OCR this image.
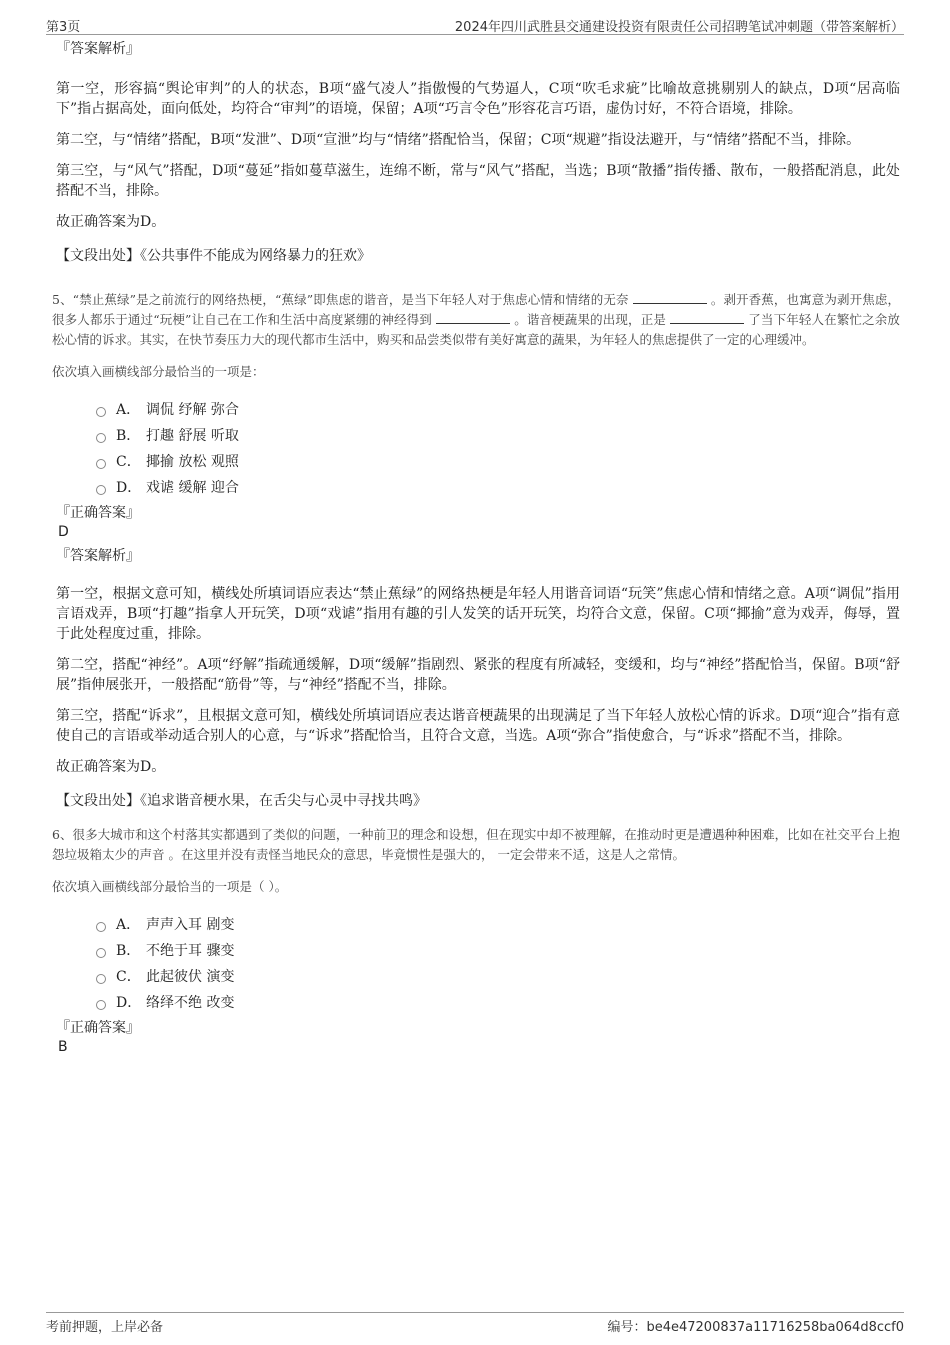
第3页	2024年四川武胜县交通建设投资有限责任公司招聘笔试冲刺题（带答案解析）

『答案解析』

第一空，形容搞“舆论审判”的人的状态，B项“盛气凌人”指傲慢的气势逼人，C项“吹毛求疵”比喻故意挑剔别人的缺点，D项“居高临下”指占据高处，面向低处，均符合“审判”的语境，保留；A项“巧言令色”形容花言巧语，虚伪讨好，不符合语境，排除。

第二空，与“情绪”搭配，B项“发泄”、D项“宣泄”均与“情绪”搭配恰当，保留；C项“规避”指设法避开，与“情绪”搭配不当，排除。

第三空，与“风气”搭配，D项“蔓延”指如蔓草滋生，连绵不断，常与“风气”搭配，当选；B项“散播”指传播、散布，一般搭配消息，此处搭配不当，排除。

故正确答案为D。

【文段出处】《公共事件不能成为网络暴力的狂欢》

5、“禁止蕉绿”是之前流行的网络热梗，“蕉绿”即焦虑的谐音，是当下年轻人对于焦虑心情和情绪的无奈	。剥开香蕉，也寓意为剥开焦虑，很多人都乐于通过“玩梗”让自己在工作和生活中高度紧绷的神经得到	。谐音梗蔬果的出现，正是	了当下年轻人在繁忙之余放松心情的诉求。其实，在快节奏压力大的现代都市生活中，购买和品尝类似带有美好寓意的蔬果，为年轻人的焦虑提供了一定的心理缓冲。

依次填入画横线部分最恰当的一项是：

A． 调侃 纾解 弥合
B． 打趣 舒展 听取
C． 揶揄 放松 观照
D． 戏谑 缓解 迎合

『正确答案』

D

『答案解析』

第一空，根据文意可知，横线处所填词语应表达“禁止蕉绿”的网络热梗是年轻人用谐音词语“玩笑”焦虑心情和情绪之意。A项“调侃”指用言语戏弄，B项“打趣”指拿人开玩笑，D项“戏谑”指用有趣的引人发笑的话开玩笑，均符合文意，保留。C项“揶揄”意为戏弄，侮辱，置于此处程度过重，排除。

第二空，搭配“神经”。A项“纾解”指疏通缓解，D项“缓解”指剧烈、紧张的程度有所减轻，变缓和，均与“神经”搭配恰当，保留。B项“舒展”指伸展张开，一般搭配“筋骨”等，与“神经”搭配不当，排除。

第三空，搭配“诉求”，且根据文意可知，横线处所填词语应表达谐音梗蔬果的出现满足了当下年轻人放松心情的诉求。D项“迎合”指有意使自己的言语或举动适合别人的心意，与“诉求”搭配恰当，且符合文意，当选。A项“弥合”指使愈合，与“诉求”搭配不当，排除。

故正确答案为D。

【文段出处】《追求谐音梗水果，在舌尖与心灵中寻找共鸣》

6、很多大城市和这个村落其实都遇到了类似的问题，一种前卫的理念和设想，但在现实中却不被理解，在推动时更是遭遇种种困难，比如在社交平台上抱怨垃圾箱太少的声音 。在这里并没有责怪当地民众的意思，毕竟惯性是强大的， 一定会带来不适，这是人之常情。

依次填入画横线部分最恰当的一项是（ ）。

A． 声声入耳 剧变
B． 不绝于耳 骤变
C． 此起彼伏 演变
D． 络绎不绝 改变

『正确答案』

B

考前押题，上岸必备	编号：be4e47200837a11716258ba064d8ccf0
